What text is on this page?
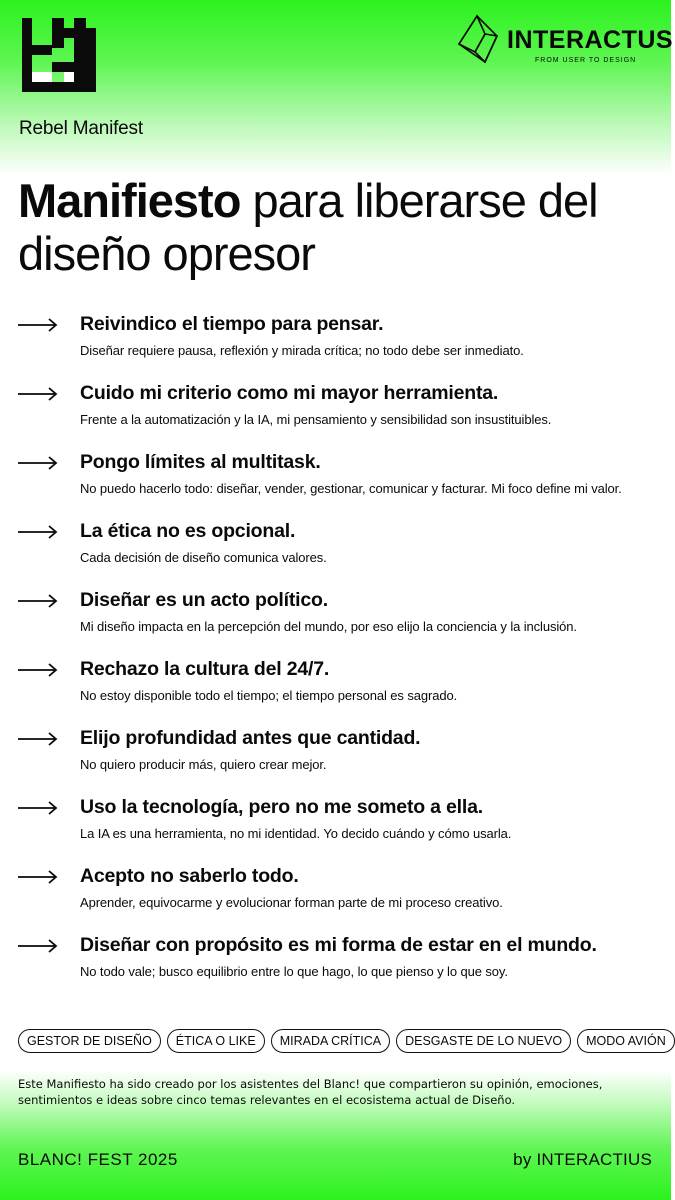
INTERACTUS
FROM USER TO DESIGN
Rebel Manifest
Manifiesto para liberarse del diseño opresor
Reivindico el tiempo para pensar.
Diseñar requiere pausa, reflexión y mirada crítica; no todo debe ser inmediato.
Cuido mi criterio como mi mayor herramienta.
Frente a la automatización y la IA, mi pensamiento y sensibilidad son insustituibles.
Pongo límites al multitask.
No puedo hacerlo todo: diseñar, vender, gestionar, comunicar y facturar. Mi foco define mi valor.
La ética no es opcional.
Cada decisión de diseño comunica valores.
Diseñar es un acto político.
Mi diseño impacta en la percepción del mundo, por eso elijo la conciencia y la inclusión.
Rechazo la cultura del 24/7.
No estoy disponible todo el tiempo; el tiempo personal es sagrado.
Elijo profundidad antes que cantidad.
No quiero producir más, quiero crear mejor.
Uso la tecnología, pero no me someto a ella.
La IA es una herramienta, no mi identidad. Yo decido cuándo y cómo usarla.
Acepto no saberlo todo.
Aprender, equivocarme y evolucionar forman parte de mi proceso creativo.
Diseñar con propósito es mi forma de estar en el mundo.
No todo vale; busco equilibrio entre lo que hago, lo que pienso y lo que soy.
GESTOR DE DISEÑO	ÉTICA O LIKE	MIRADA CRÍTICA	DESGASTE DE LO NUEVO	MODO AVIÓN

Este Manifiesto ha sido creado por los asistentes del Blanc! que compartieron su opinión, emociones, sentimientos e ideas sobre cinco temas relevantes en el ecosistema actual de Diseño.

BLANC! FEST 2025	by INTERACTIUS
